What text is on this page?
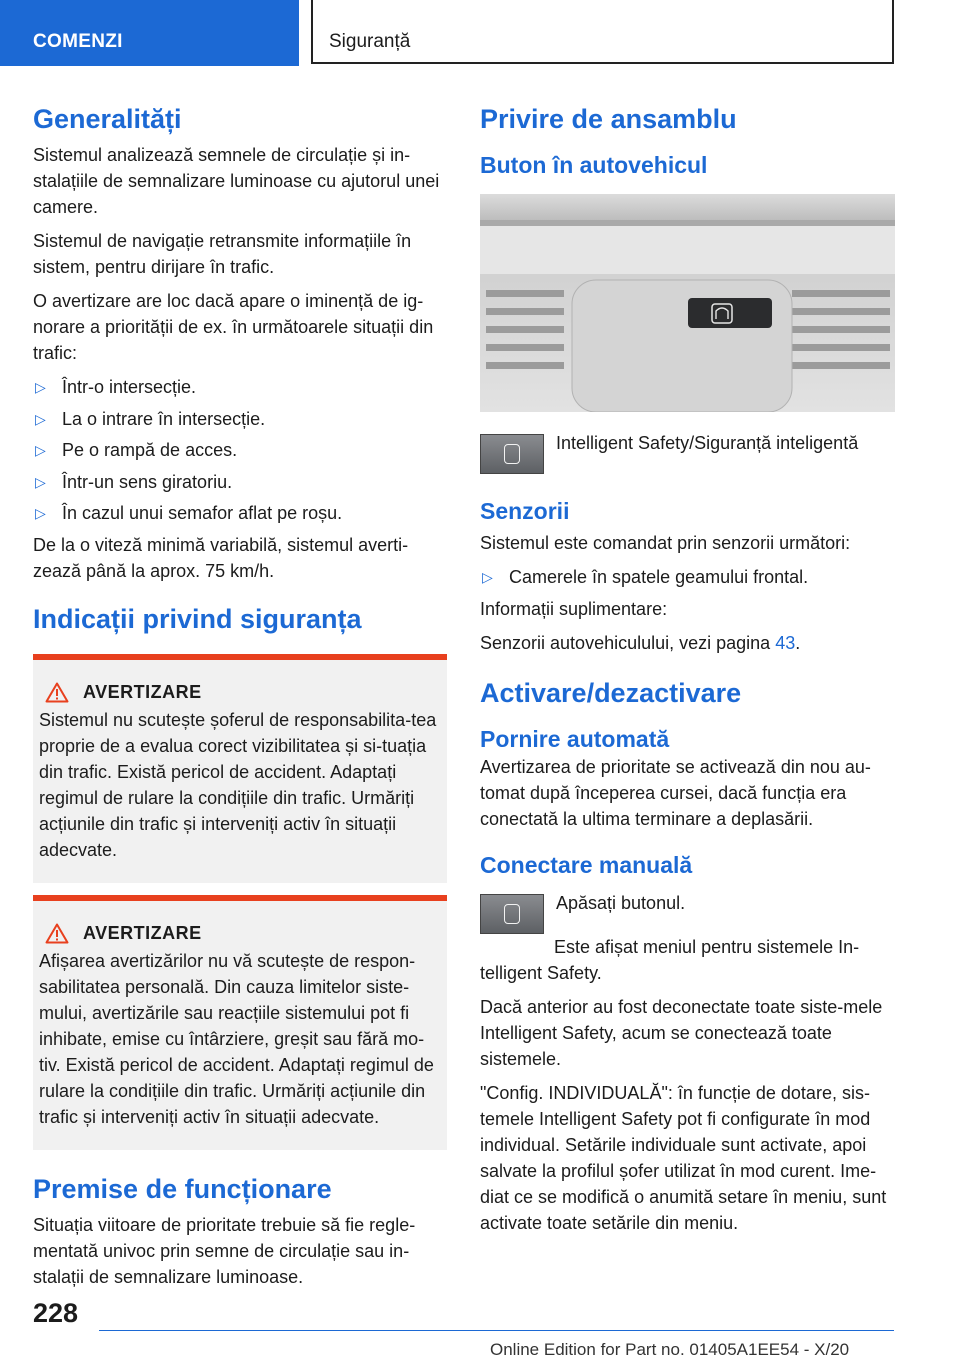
COMENZI	Siguranță
Generalități

Sistemul analizează semnele de circulație și in-stalațiile de semnalizare luminoase cu ajutorul unei camere.

Sistemul de navigație retransmite informațiile în sistem, pentru dirijare în trafic.

O avertizare are loc dacă apare o iminență de ig-norare a priorității de ex. în următoarele situații din trafic:

▷ Într-o intersecție.
▷ La o intrare în intersecție.
▷ Pe o rampă de acces.
▷ Într-un sens giratoriu.
▷ În cazul unui semafor aflat pe roșu.

De la o viteză minimă variabilă, sistemul averti-zează până la aprox. 75 km/h.

Indicații privind siguranța
AVERTIZARE

Sistemul nu scutește șoferul de responsabilita-tea proprie de a evalua corect vizibilitatea și si-tuația din trafic. Există pericol de accident. Adaptați regimul de rulare la condițiile din trafic. Urmăriți acțiunile din trafic și interveniți activ în situații adecvate.

AVERTIZARE

Afișarea avertizărilor nu vă scutește de respon-sabilitatea personală. Din cauza limitelor siste-mului, avertizările sau reacțiile sistemului pot fi inhibate, emise cu întârziere, greșit sau fără mo-tiv. Există pericol de accident. Adaptați regimul de rulare la condițiile din trafic. Urmăriți acțiunile din trafic și interveniți activ în situații adecvate.

Premise de funcționare

Situația viitoare de prioritate trebuie să fie regle-mentată univoc prin semne de circulație sau in-stalații de semnalizare luminoase.

Privire de ansamblu
Buton în autovehicul

Intelligent Safety/Siguranță inteligentă

Senzorii

Sistemul este comandat prin senzorii următori:

▷ Camerele în spatele geamului frontal.

Informații suplimentare:

Senzorii autovehiculului, vezi pagina 43.

Activare/dezactivare
Pornire automată

Avertizarea de prioritate se activează din nou au-tomat după începerea cursei, dacă funcția era conectată la ultima terminare a deplasării.

Conectare manuală

Apăsați butonul.

Este afișat meniul pentru sistemele In-telligent Safety.

Dacă anterior au fost deconectate toate siste-mele Intelligent Safety, acum se conectează toate sistemele.

"Config. INDIVIDUALĂ": în funcție de dotare, sis-temele Intelligent Safety pot fi configurate în mod individual. Setările individuale sunt activate, apoi salvate la profilul șofer utilizat în mod curent. Ime-diat ce se modifică o anumită setare în meniu, sunt activate toate setările din meniu.

228
Online Edition for Part no. 01405A1EE54 - X/20
